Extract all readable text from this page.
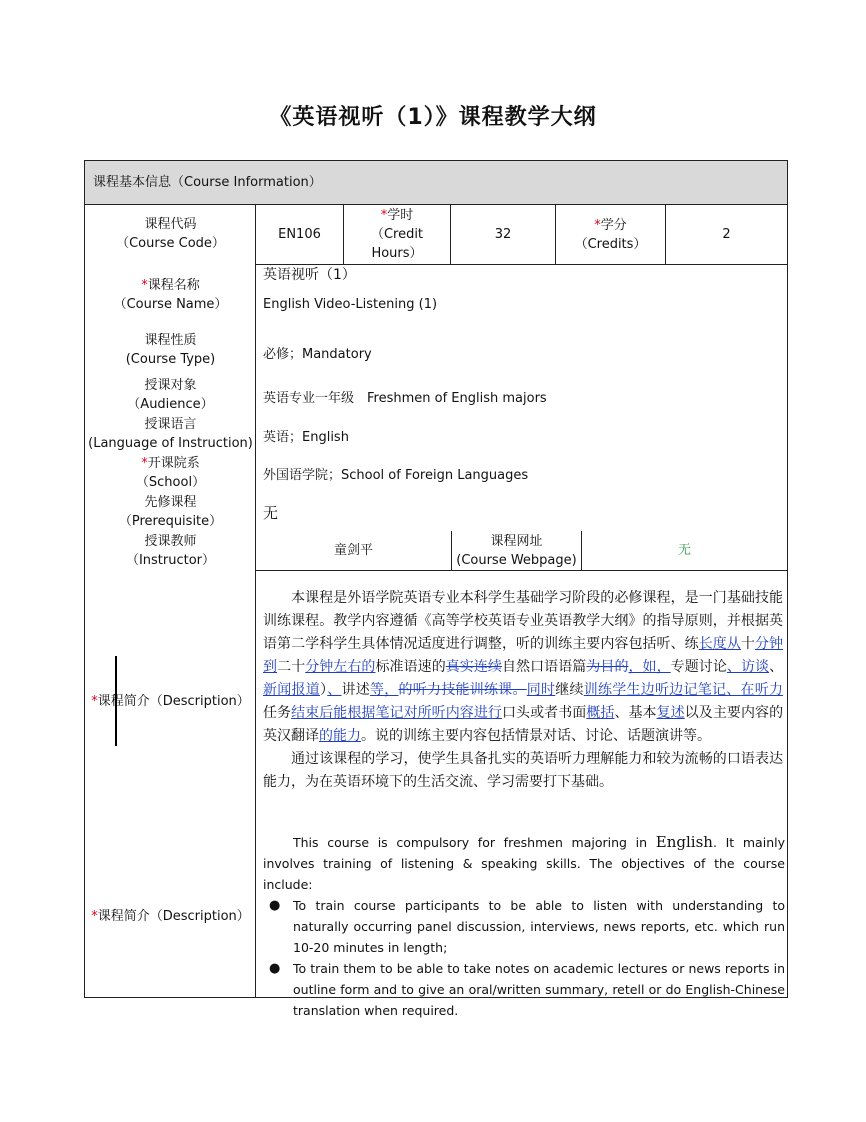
《英语视听（1）》课程教学大纲
课程基本信息（Course Information）
课程代码
（Course Code）
*课程名称
（Course Name）
课程性质
(Course Type)
授课对象
（Audience）
授课语言
(Language of Instruction)
*开课院系
（School）
先修课程
（Prerequisite）
授课教师
（Instructor）
*课程简介（Description）
*课程简介（Description）
EN106
*学时
（Credit Hours）
32
*学分
（Credits）
2
英语视听（1）
English Video-Listening (1)
必修；Mandatory
英语专业一年级　Freshmen of English majors
英语；English
外国语学院；School of Foreign Languages
无
童剑平
课程网址
(Course Webpage)
无

本课程是外语学院英语专业本科学生基础学习阶段的必修课程，是一门基础技能训练课程。教学内容遵循《高等学校英语专业英语教学大纲》的指导原则，并根据英语第二学科学生具体情况适度进行调整，听的训练主要内容包括听、练长度从十分钟到二十分钟左右的标准语速的真实连续自然口语语篇为目的，如，专题讨论、访谈、新闻报道）、讲述等，的听力技能训练课。同时继续训练学生边听边记笔记、在听力任务结束后能根据笔记对所听内容进行口头或者书面概括、基本复述以及主要内容的英汉翻译的能力。说的训练主要内容包括情景对话、讨论、话题演讲等。

通过该课程的学习，使学生具备扎实的英语听力理解能力和较为流畅的口语表达能力，为在英语环境下的生活交流、学习需要打下基础。

This course is compulsory for freshmen majoring in English. It mainly involves training of listening & speaking skills. The objectives of the course include:

● To train course participants to be able to listen with understanding to naturally occurring panel discussion, interviews, news reports, etc. which run 10-20 minutes in length;
● To train them to be able to take notes on academic lectures or news reports in outline form and to give an oral/written summary, retell or do English-Chinese translation when required.
